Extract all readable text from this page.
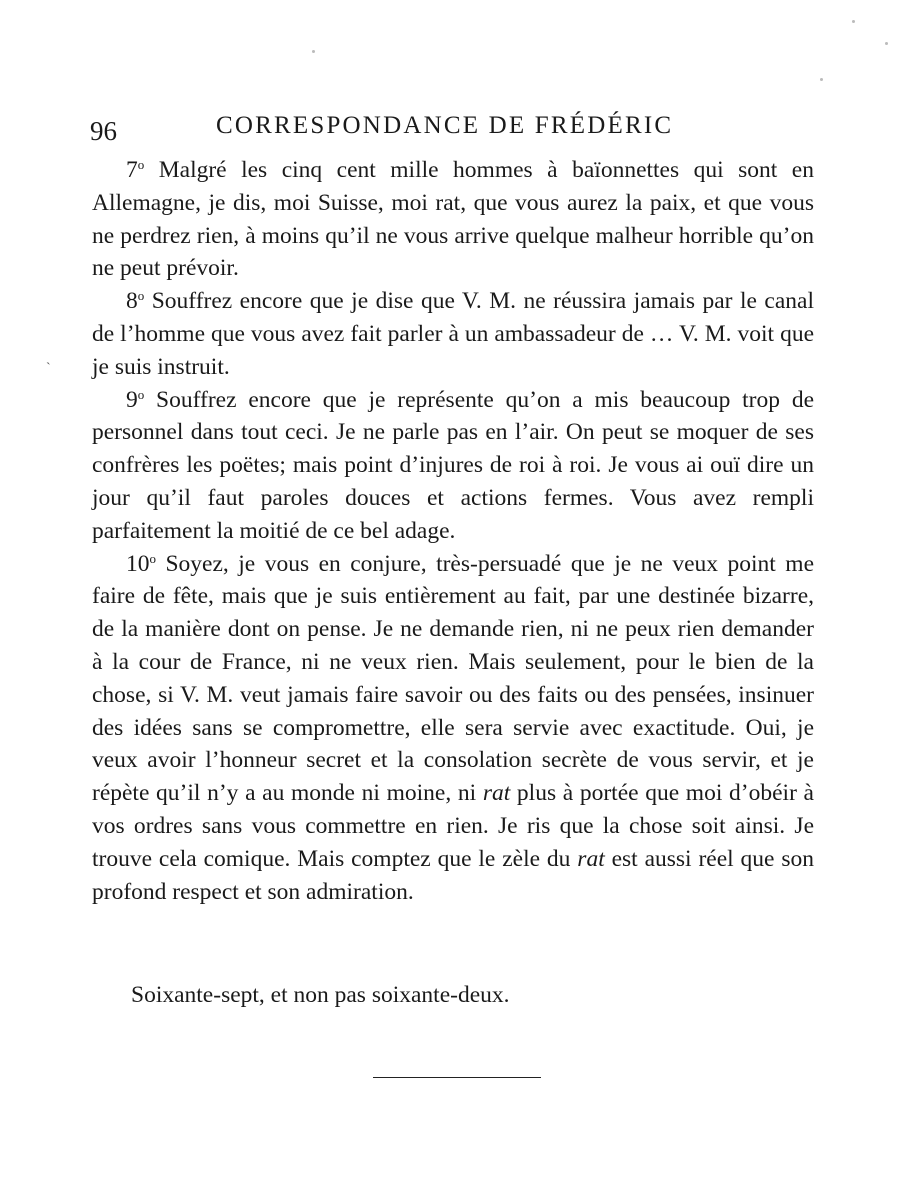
96	CORRESPONDANCE DE FRÉDÉRIC
`

7$^o$ Malgré les cinq cent mille hommes à baïonnettes qui sont en Allemagne, je dis, moi Suisse, moi rat, que vous aurez la paix, et que vous ne perdrez rien, à moins qu’il ne vous arrive quelque malheur horrible qu’on ne peut prévoir.

8$^o$ Souffrez encore que je dise que V. M. ne réussira jamais par le canal de l’homme que vous avez fait parler à un ambassadeur de … V. M. voit que je suis instruit.

9$^o$ Souffrez encore que je représente qu’on a mis beaucoup trop de personnel dans tout ceci. Je ne parle pas en l’air. On peut se moquer de ses confrères les poëtes; mais point d’injures de roi à roi. Je vous ai ouï dire un jour qu’il faut paroles douces et actions fermes. Vous avez rempli parfaitement la moitié de ce bel adage.

10$^o$ Soyez, je vous en conjure, très-persuadé que je ne veux point me faire de fête, mais que je suis entièrement au fait, par une destinée bizarre, de la manière dont on pense. Je ne demande rien, ni ne peux rien demander à la cour de France, ni ne veux rien. Mais seulement, pour le bien de la chose, si V. M. veut jamais faire savoir ou des faits ou des pensées, insinuer des idées sans se compromettre, elle sera servie avec exactitude. Oui, je veux avoir l’honneur secret et la consolation secrète de vous servir, et je répète qu’il n’y a au monde ni moine, ni rat plus à portée que moi d’obéir à vos ordres sans vous commettre en rien. Je ris que la chose soit ainsi. Je trouve cela comique. Mais comptez que le zèle du rat est aussi réel que son profond respect et son admiration.

Soixante-sept, et non pas soixante-deux.
